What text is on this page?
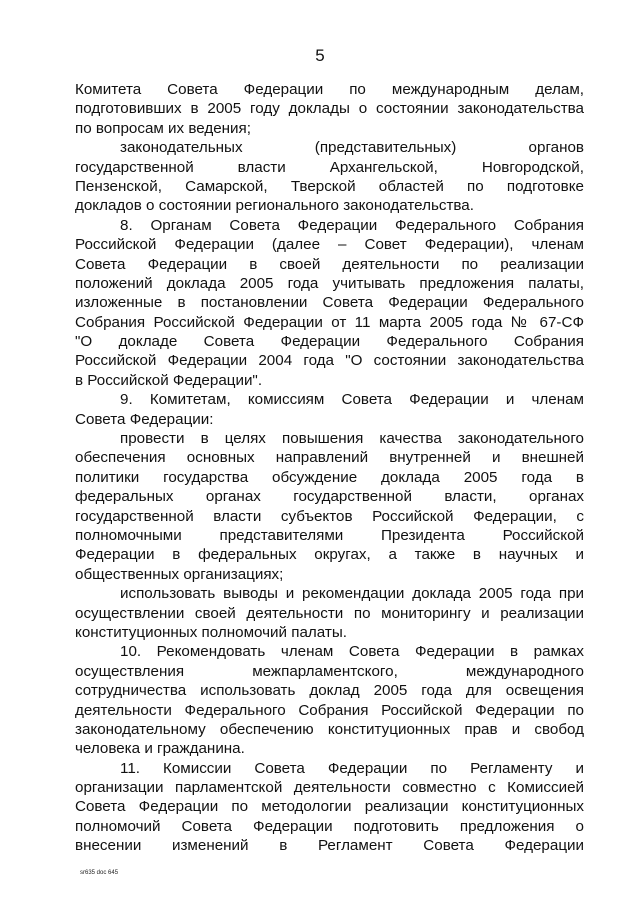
5
Комитета Совета Федерации по международным делам,
подготовивших в 2005 году доклады о состоянии законодательства
по вопросам их ведения;
законодательных (представительных) органов
государственной власти Архангельской, Новгородской,
Пензенской, Самарской, Тверской областей по подготовке
докладов о состоянии регионального законодательства.
8. Органам Совета Федерации Федерального Собрания
Российской Федерации (далее – Совет Федерации), членам
Совета Федерации в своей деятельности по реализации
положений доклада 2005 года учитывать предложения палаты,
изложенные в постановлении Совета Федерации Федерального
Собрания Российской Федерации от 11 марта 2005 года № 67-СФ
"О докладе Совета Федерации Федерального Собрания
Российской Федерации 2004 года "О состоянии законодательства
в Российской Федерации".
9. Комитетам, комиссиям Совета Федерации и членам
Совета Федерации:
провести в целях повышения качества законодательного
обеспечения основных направлений внутренней и внешней
политики государства обсуждение доклада 2005 года в
федеральных органах государственной власти, органах
государственной власти субъектов Российской Федерации, с
полномочными представителями Президента Российской
Федерации в федеральных округах, а также в научных и
общественных организациях;
использовать выводы и рекомендации доклада 2005 года при
осуществлении своей деятельности по мониторингу и реализации
конституционных полномочий палаты.
10. Рекомендовать членам Совета Федерации в рамках
осуществления межпарламентского, международного
сотрудничества использовать доклад 2005 года для освещения
деятельности Федерального Собрания Российской Федерации по
законодательному обеспечению конституционных прав и свобод
человека и гражданина.
11. Комиссии Совета Федерации по Регламенту и
организации парламентской деятельности совместно с Комиссией
Совета Федерации по методологии реализации конституционных
полномочий Совета Федерации подготовить предложения о
внесении изменений в Регламент Совета Федерации
sr635 doc 645
